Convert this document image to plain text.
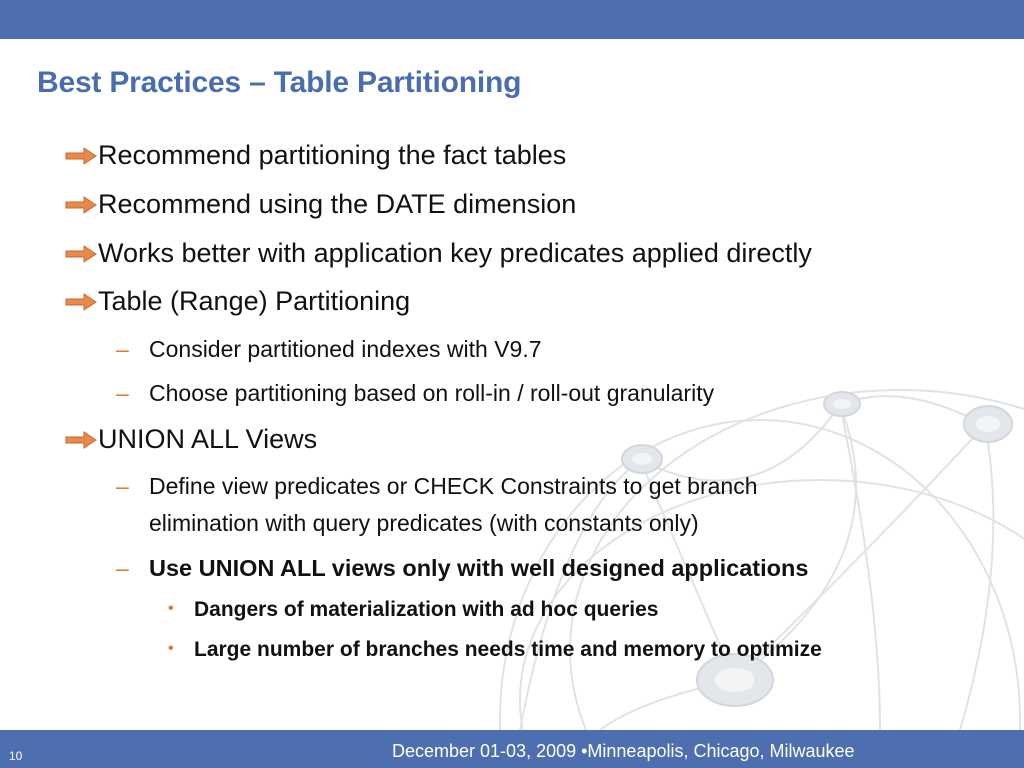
Best Practices – Table Partitioning
Recommend partitioning the fact tables
Recommend using the DATE dimension
Works better with application key predicates applied directly
Table (Range) Partitioning
– Consider partitioned indexes with V9.7
– Choose partitioning based on roll-in / roll-out granularity
UNION ALL Views
– Define view predicates or CHECK Constraints to get branch
elimination with query predicates (with constants only)
– Use UNION ALL views only with well designed applications
• Dangers of materialization with ad hoc queries
• Large number of branches needs time and memory to optimize
10	December 01-03, 2009 •Minneapolis, Chicago, Milwaukee
